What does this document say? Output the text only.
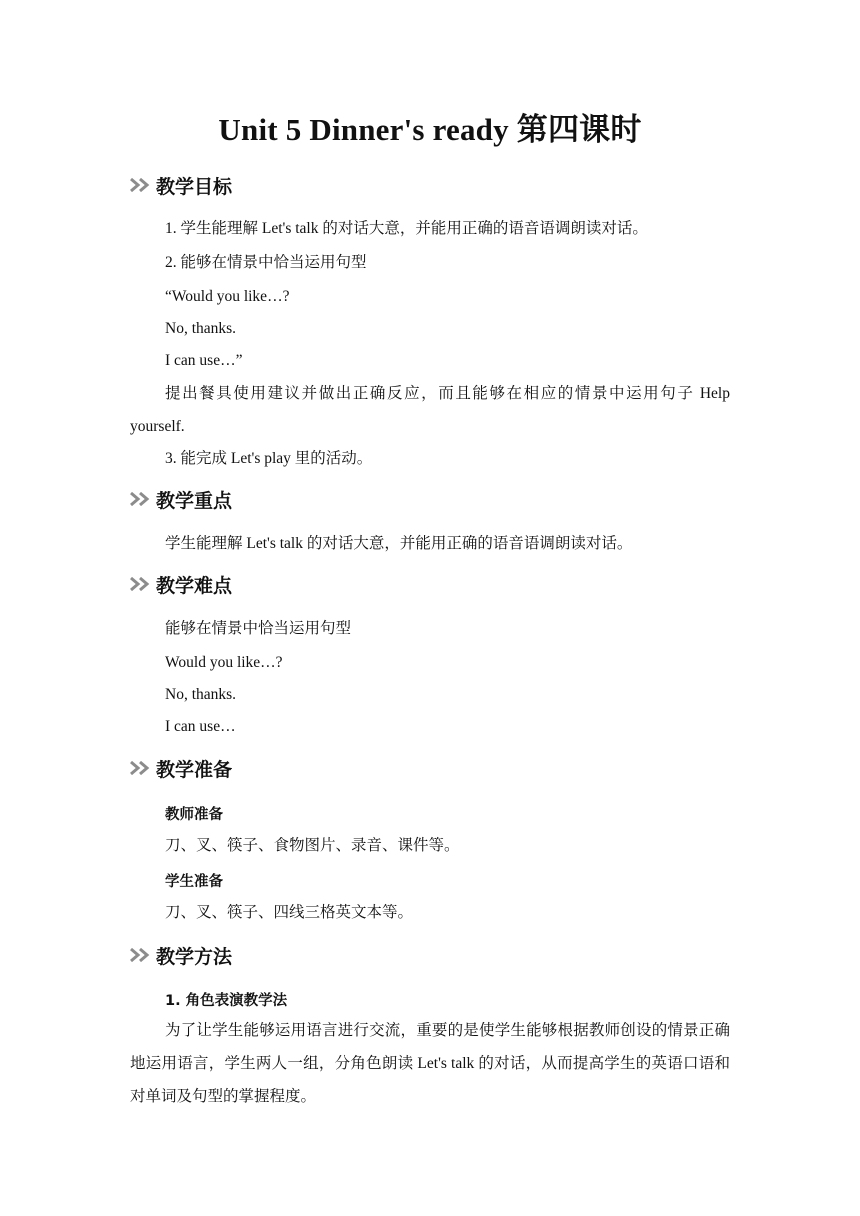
Unit 5 Dinner's ready 第四课时
教学目标
1. 学生能理解 Let's talk 的对话大意，并能用正确的语音语调朗读对话。
2. 能够在情景中恰当运用句型
“Would you like…?
No, thanks.
I can use…”
提出餐具使用建议并做出正确反应，而且能够在相应的情景中运用句子 Help
yourself.
3. 能完成 Let's play 里的活动。
教学重点
学生能理解 Let's talk 的对话大意，并能用正确的语音语调朗读对话。
教学难点
能够在情景中恰当运用句型
Would you like…?
No, thanks.
I can use…
教学准备
教师准备
刀、叉、筷子、食物图片、录音、课件等。
学生准备
刀、叉、筷子、四线三格英文本等。
教学方法
1. 角色表演教学法
为了让学生能够运用语言进行交流，重要的是使学生能够根据教师创设的情景正确地运用语言，学生两人一组，分角色朗读 Let's talk 的对话，从而提高学生的英语口语和对单词及句型的掌握程度。
